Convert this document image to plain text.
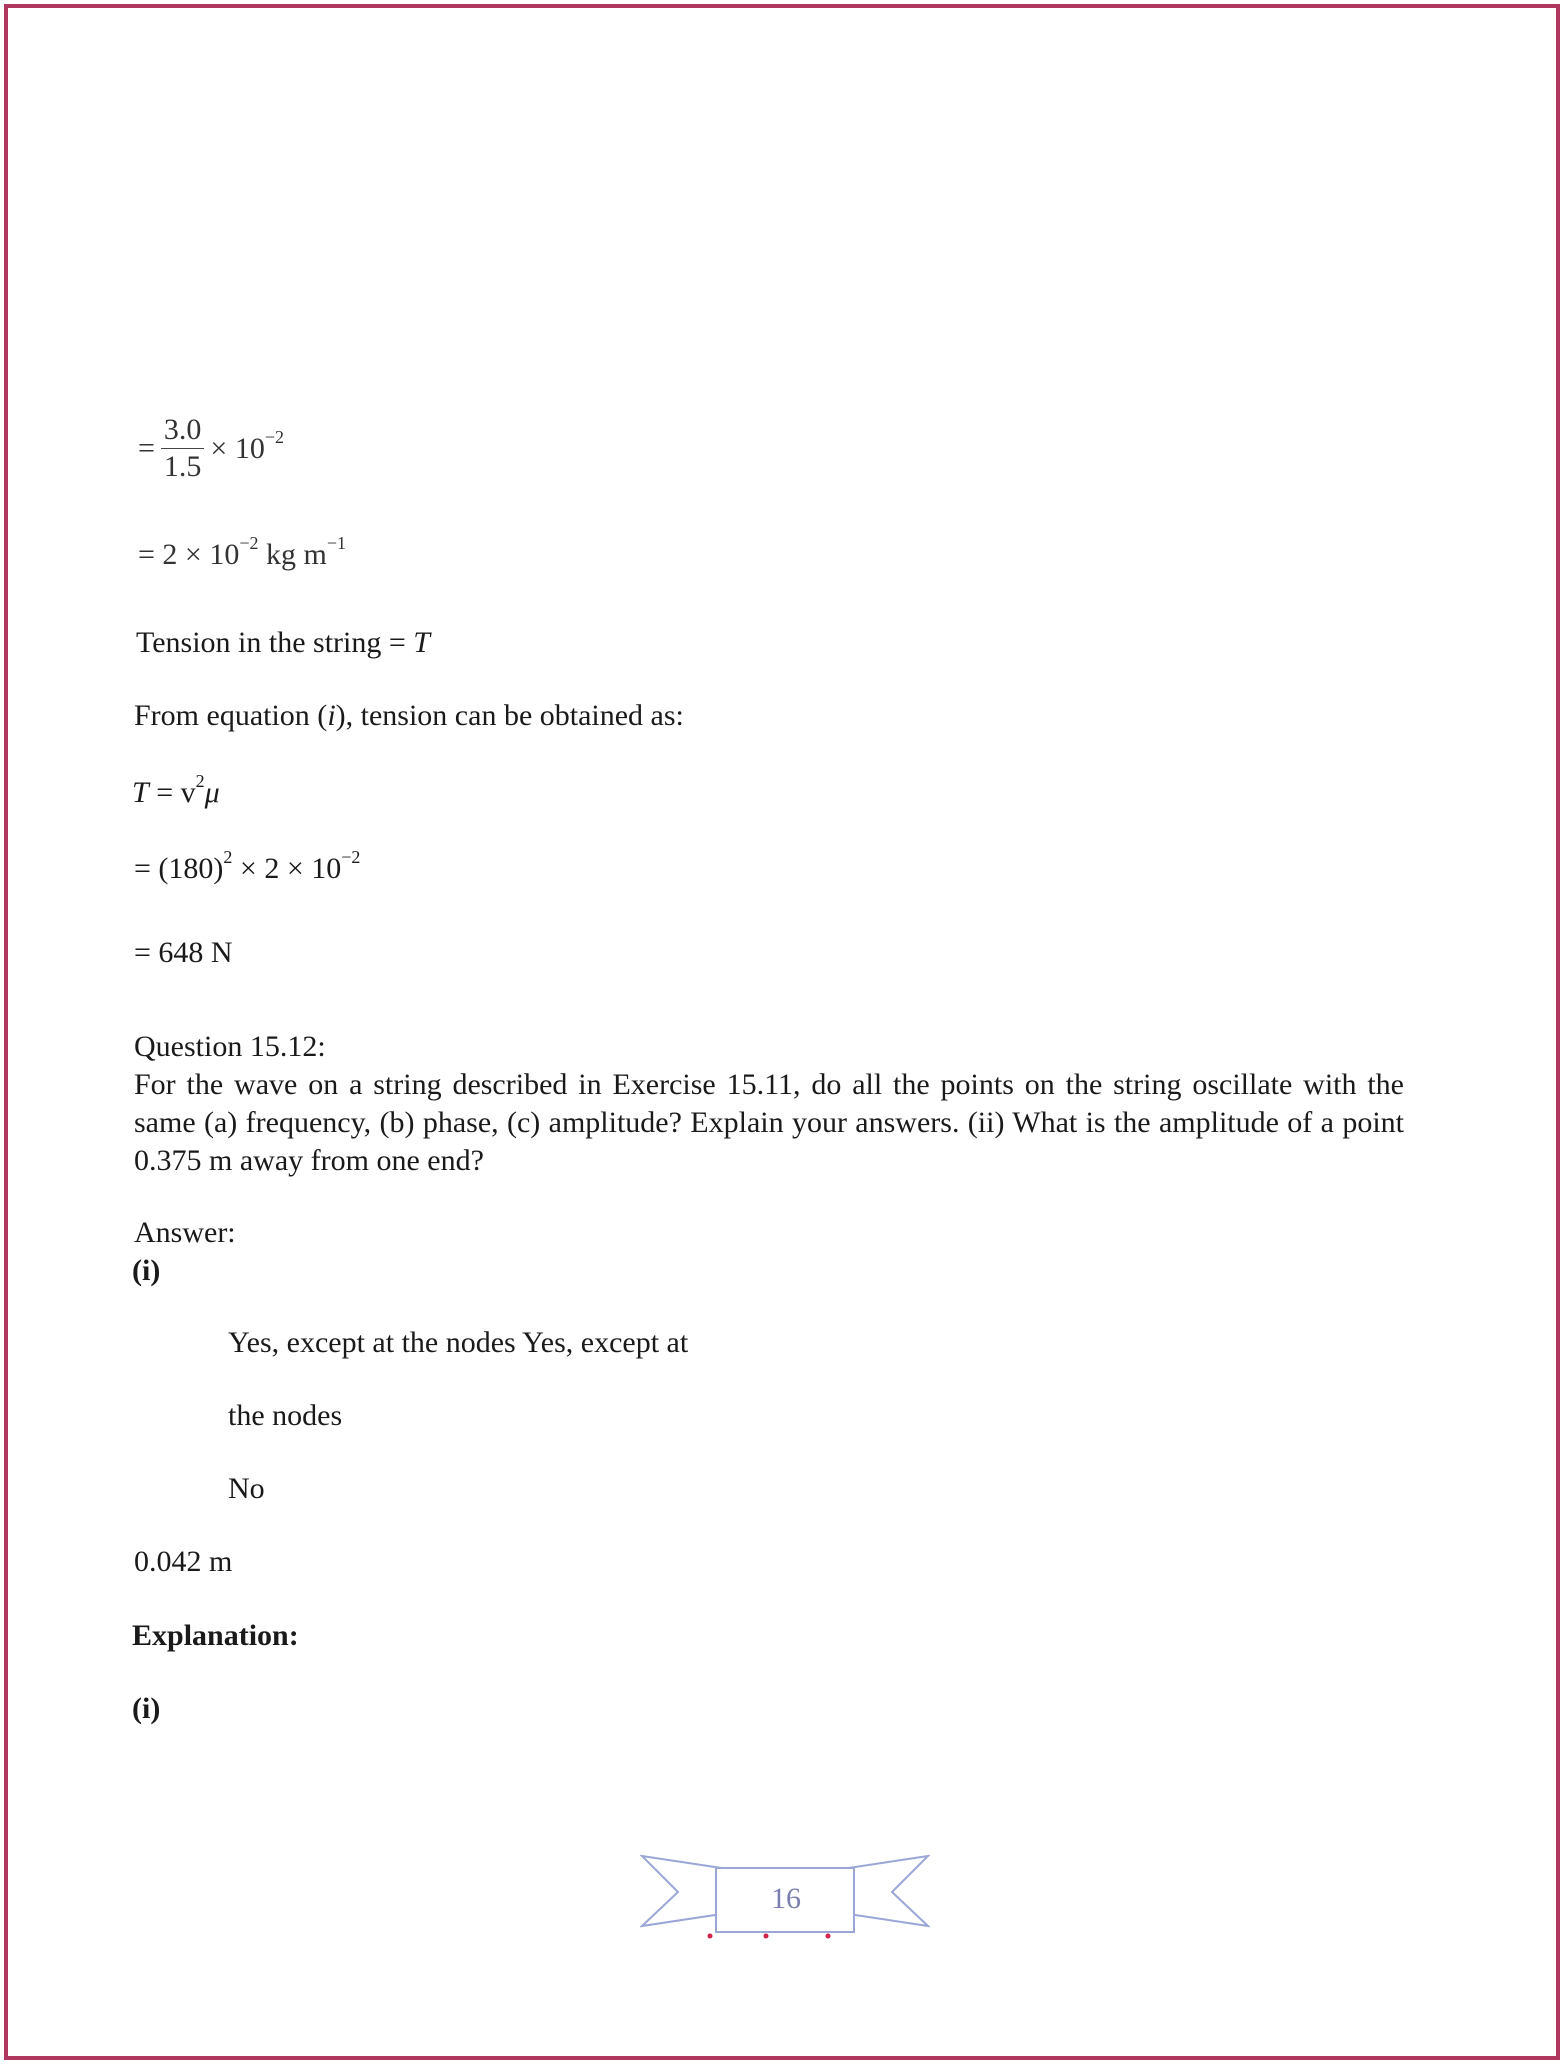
= $\frac{3.0}{1.5} \times 10^{-2}$
= $2 \times 10^{-2}$ kg $m^{-1}$
Tension in the string = T
From equation (i), tension can be obtained as:
$T = v^2\mu$
= $(180)^2 \times 2 \times 10^{-2}$
= 648 N
Question 15.12:
For the wave on a string described in Exercise 15.11, do all the points on the string oscillate with the same (a) frequency, (b) phase, (c) amplitude? Explain your answers. (ii) What is the amplitude of a point 0.375 m away from one end?
Answer:
(i)
Yes, except at the nodes Yes, except at
the nodes
No
0.042 m
Explanation:
(i)
16
